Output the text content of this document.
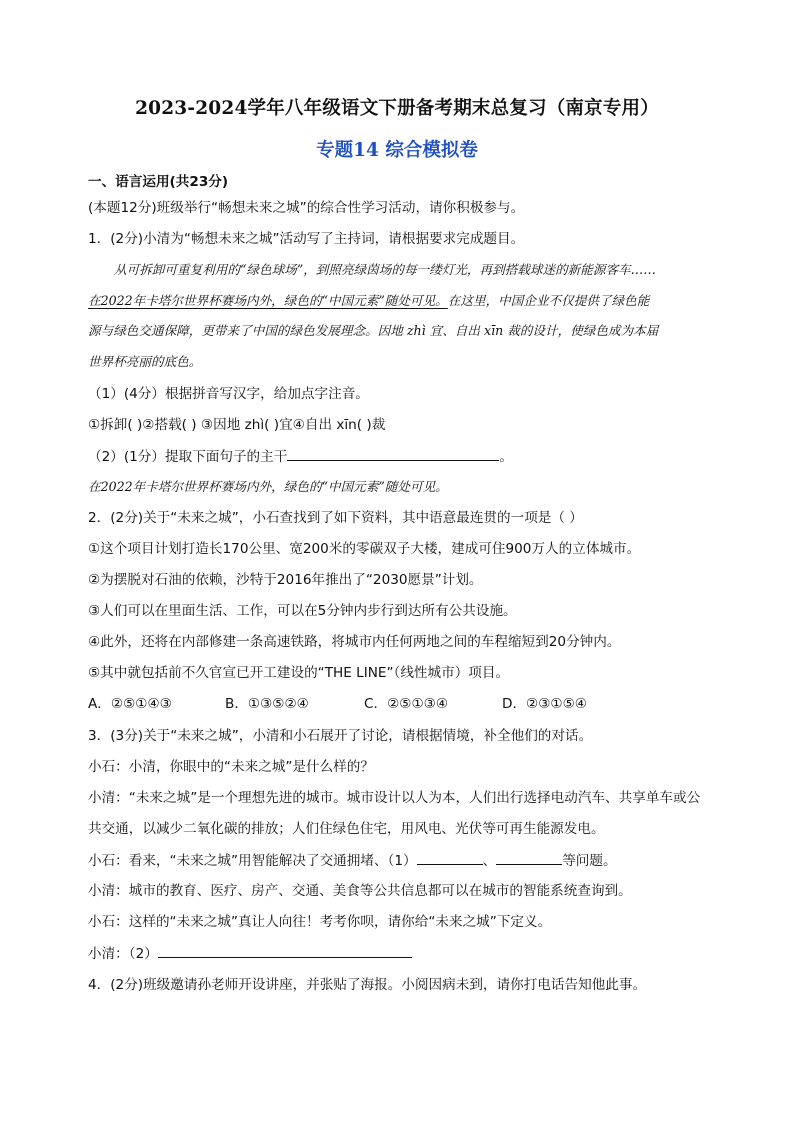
2023-2024学年八年级语文下册备考期末总复习（南京专用）
专题14 综合模拟卷
一、语言运用(共23分)
(本题12分)班级举行“畅想未来之城”的综合性学习活动，请你积极参与。
1．(2分)小清为“畅想未来之城”活动写了主持词，请根据要求完成题目。
从可拆卸可重复利用的“绿色球场”，到照亮绿茵场的每一缕灯光，再到搭载球迷的新能源客车……
在2022年卡塔尔世界杯赛场内外，绿色的“中国元素”随处可见。在这里，中国企业不仅提供了绿色能
源与绿色交通保障，更带来了中国的绿色发展理念。因地 zhì 宜、自出 xīn 裁的设计，使绿色成为本届
世界杯亮丽的底色。
（1）(4分）根据拼音写汉字，给加点字注音。
①拆卸( )②搭载( ) ③因地 zhì( )宜④自出 xīn( )裁
（2）(1分）提取下面句子的主干	。
在2022年卡塔尔世界杯赛场内外，绿色的“中国元素”随处可见。
2．(2分)关于“未来之城”，小石查找到了如下资料，其中语意最连贯的一项是（ ）
①这个项目计划打造长170公里、宽200米的零碳双子大楼，建成可住900万人的立体城市。
②为摆脱对石油的依赖，沙特于2016年推出了“2030愿景”计划。
③人们可以在里面生活、工作，可以在5分钟内步行到达所有公共设施。
④此外，还将在内部修建一条高速铁路，将城市内任何两地之间的车程缩短到20分钟内。
⑤其中就包括前不久官宣已开工建设的“THE LINE”（线性城市）项目。
A．②⑤①④③	B．①③⑤②④	C．②⑤①③④	D．②③①⑤④
3．(3分)关于“未来之城”，小清和小石展开了讨论，请根据情境，补全他们的对话。
小石：小清，你眼中的“未来之城”是什么样的？
小清：“未来之城”是一个理想先进的城市。城市设计以人为本，人们出行选择电动汽车、共享单车或公
共交通，以减少二氧化碳的排放；人们住绿色住宅，用风电、光伏等可再生能源发电。
小石：看来，“未来之城”用智能解决了交通拥堵、（1）	、	等问题。
小清：城市的教育、医疗、房产、交通、美食等公共信息都可以在城市的智能系统查询到。
小石：这样的“未来之城”真让人向往！考考你呗，请你给“未来之城”下定义。
小清：（2）
4．(2分)班级邀请孙老师开设讲座，并张贴了海报。小阅因病未到，请你打电话告知他此事。
